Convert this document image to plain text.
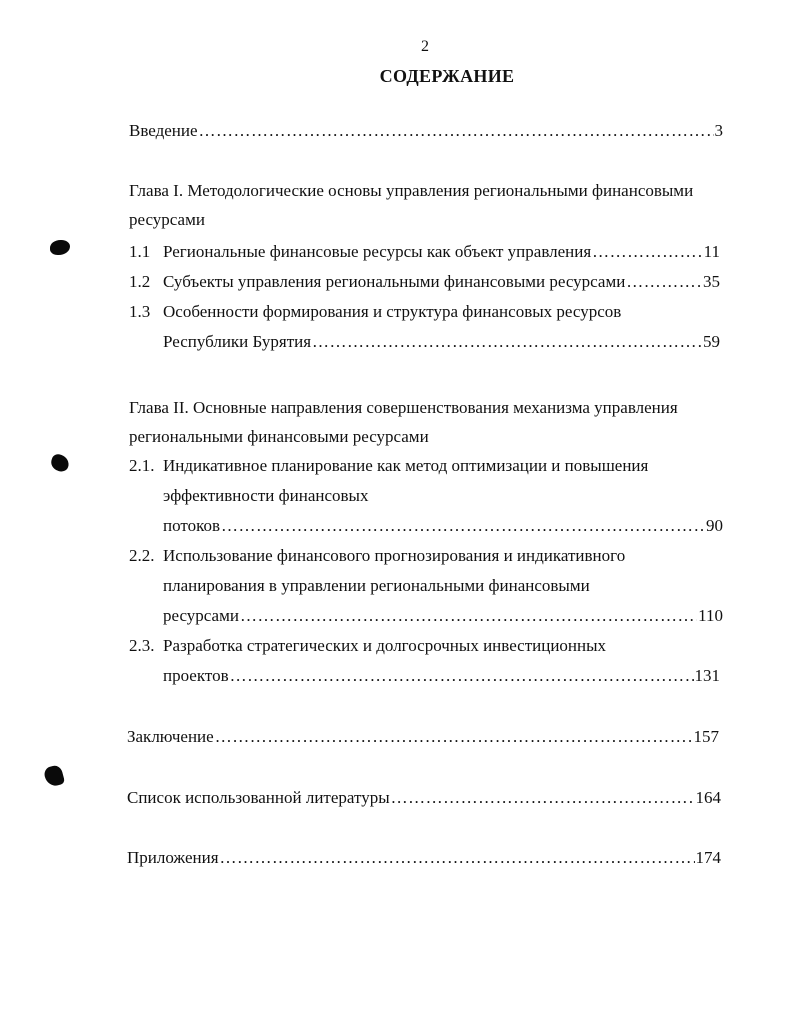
2
СОДЕРЖАНИЕ
Введение ………………………………………………………………………………………………………………………………………………	3
Глава I. Методологические основы управления региональными финансовыми
ресурсами
1.1 Региональные финансовые ресурсы как объект управления ………………………………………………………………………………………………………………………………………………	11
1.2 Субъекты управления региональными финансовыми ресурсами ………………………………………………………………………………………………………………………………………………	35
1.3 Особенности формирования и структура финансовых ресурсов
Республики Бурятия ………………………………………………………………………………………………………………………………………………	59
Глава II. Основные направления совершенствования механизма управления
региональными финансовыми ресурсами
2.1. Индикативное планирование как метод оптимизации и повышения
эффективности финансовых
потоков ………………………………………………………………………………………………………………………………………………	90
2.2. Использование финансового прогнозирования и индикативного
планирования в управлении региональными финансовыми
ресурсами ………………………………………………………………………………………………………………………………………………	110
2.3. Разработка стратегических и долгосрочных инвестиционных
проектов ………………………………………………………………………………………………………………………………………………	131
Заключение ………………………………………………………………………………………………………………………………………………	157
Список использованной литературы ………………………………………………………………………………………………………………………………………………	164
Приложения ………………………………………………………………………………………………………………………………………………	174
